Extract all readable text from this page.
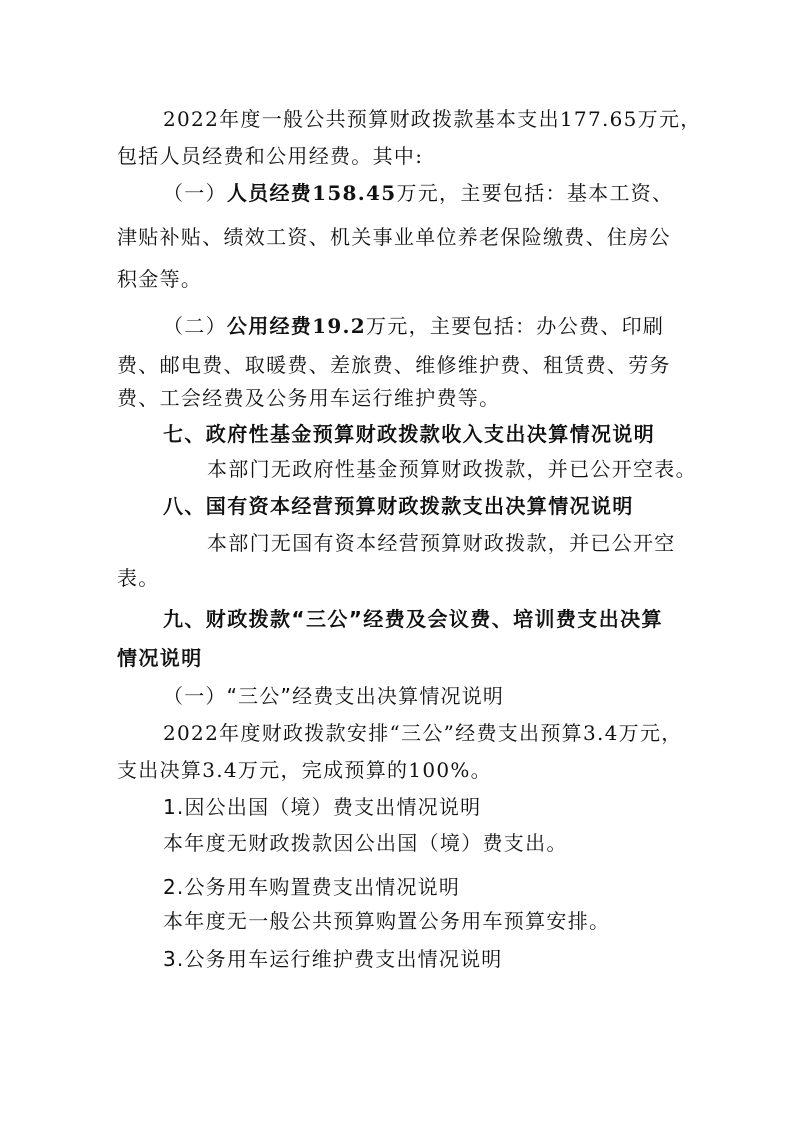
2022年度一般公共预算财政拨款基本支出177.65万元，
包括人员经费和公用经费。其中:
（一）人员经费158.45万元，主要包括：基本工资、
津贴补贴、绩效工资、机关事业单位养老保险缴费、住房公
积金等。
（二）公用经费19.2万元，主要包括：办公费、印刷
费、邮电费、取暖费、差旅费、维修维护费、租赁费、劳务
费、工会经费及公务用车运行维护费等。
七、政府性基金预算财政拨款收入支出决算情况说明
本部门无政府性基金预算财政拨款，并已公开空表。
八、国有资本经营预算财政拨款支出决算情况说明
本部门无国有资本经营预算财政拨款，并已公开空
表。
九、财政拨款“三公”经费及会议费、培训费支出决算
情况说明
（一）“三公”经费支出决算情况说明
2022年度财政拨款安排“三公”经费支出预算3.4万元，
支出决算3.4万元，完成预算的100%。
1.因公出国（境）费支出情况说明
本年度无财政拨款因公出国（境）费支出。
2.公务用车购置费支出情况说明
本年度无一般公共预算购置公务用车预算安排。
3.公务用车运行维护费支出情况说明
